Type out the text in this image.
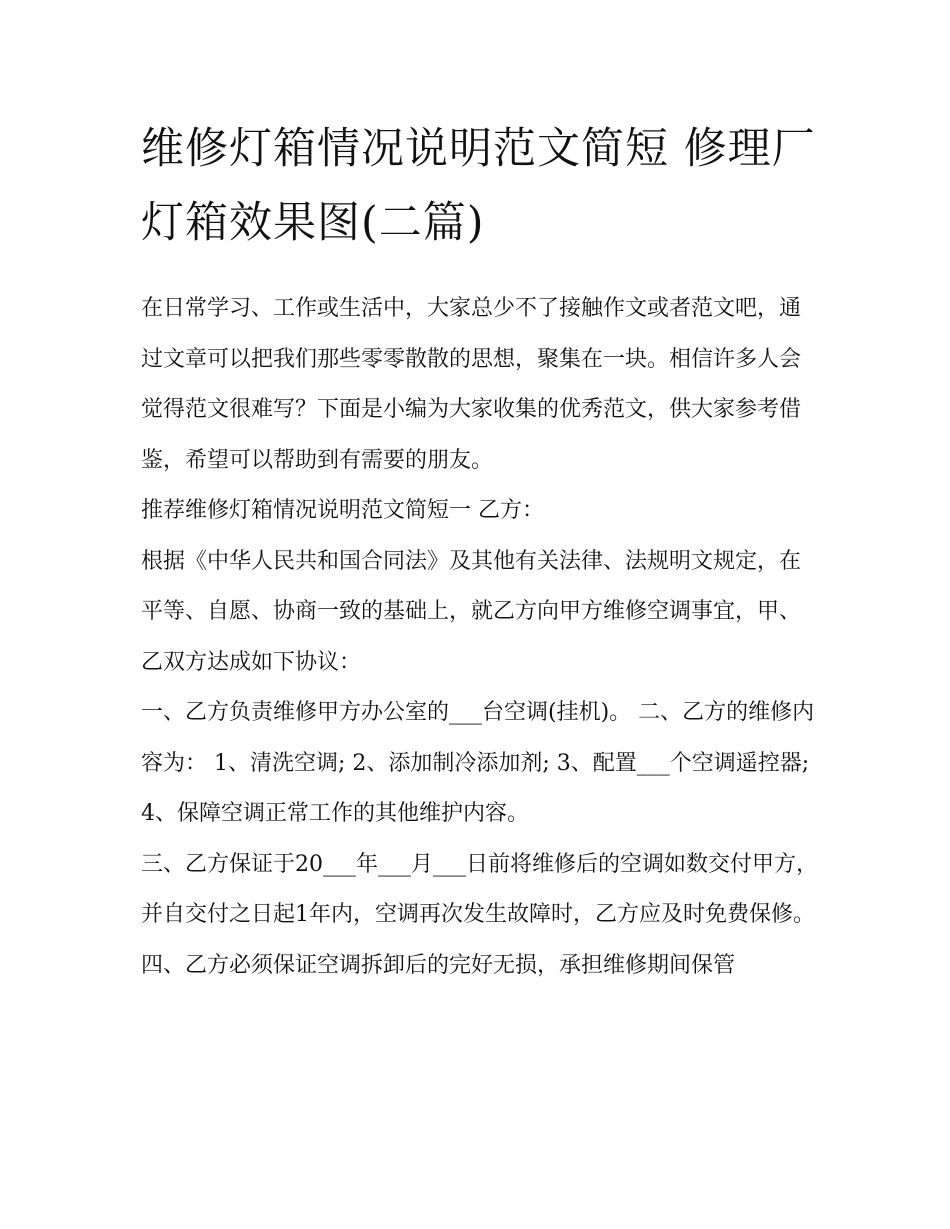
维修灯箱情况说明范文简短 修理厂灯箱效果图(二篇)

在日常学习、工作或生活中，大家总少不了接触作文或者范文吧，通过文章可以把我们那些零零散散的思想，聚集在一块。相信许多人会觉得范文很难写？下面是小编为大家收集的优秀范文，供大家参考借鉴，希望可以帮助到有需要的朋友。

推荐维修灯箱情况说明范文简短一 乙方：

根据《中华人民共和国合同法》及其他有关法律、法规明文规定，在平等、自愿、协商一致的基础上，就乙方向甲方维修空调事宜，甲、乙双方达成如下协议：

一、乙方负责维修甲方办公室的___台空调(挂机)。 二、乙方的维修内容为： 1、清洗空调; 2、添加制冷添加剂; 3、配置___个空调遥控器;

4、保障空调正常工作的其他维护内容。

三、乙方保证于20___年___月___日前将维修后的空调如数交付甲方，并自交付之日起1年内，空调再次发生故障时，乙方应及时免费保修。

四、乙方必须保证空调拆卸后的完好无损，承担维修期间保管
